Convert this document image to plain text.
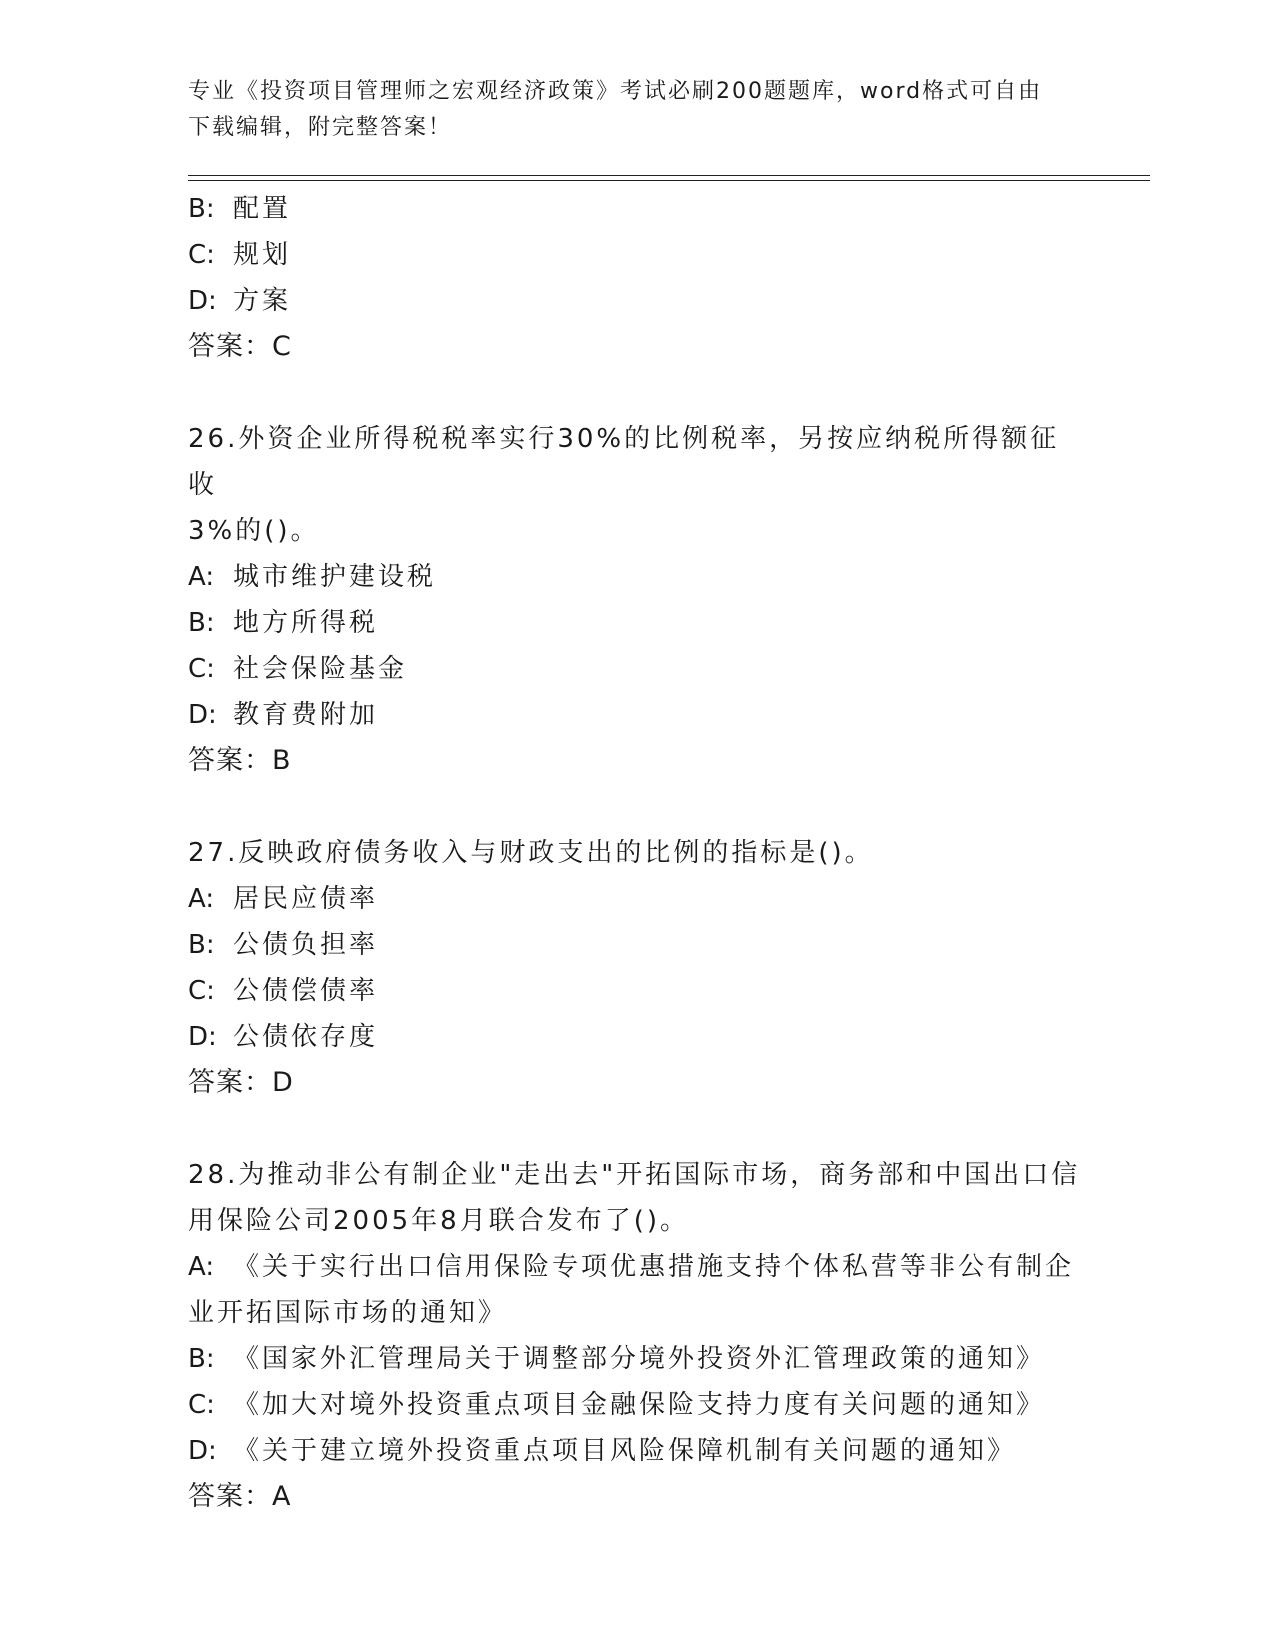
专业《投资项目管理师之宏观经济政策》考试必刷200题题库，word格式可自由
下载编辑，附完整答案！
B: 配置
C: 规划
D: 方案
答案：C
26.外资企业所得税税率实行30%的比例税率，另按应纳税所得额征收
3%的()。
A: 城市维护建设税
B: 地方所得税
C: 社会保险基金
D: 教育费附加
答案：B
27.反映政府债务收入与财政支出的比例的指标是()。
A: 居民应债率
B: 公债负担率
C: 公债偿债率
D: 公债依存度
答案：D
28.为推动非公有制企业"走出去"开拓国际市场，商务部和中国出口信
用保险公司2005年8月联合发布了()。
A: 《关于实行出口信用保险专项优惠措施支持个体私营等非公有制企
业开拓国际市场的通知》
B: 《国家外汇管理局关于调整部分境外投资外汇管理政策的通知》
C: 《加大对境外投资重点项目金融保险支持力度有关问题的通知》
D: 《关于建立境外投资重点项目风险保障机制有关问题的通知》
答案：A
